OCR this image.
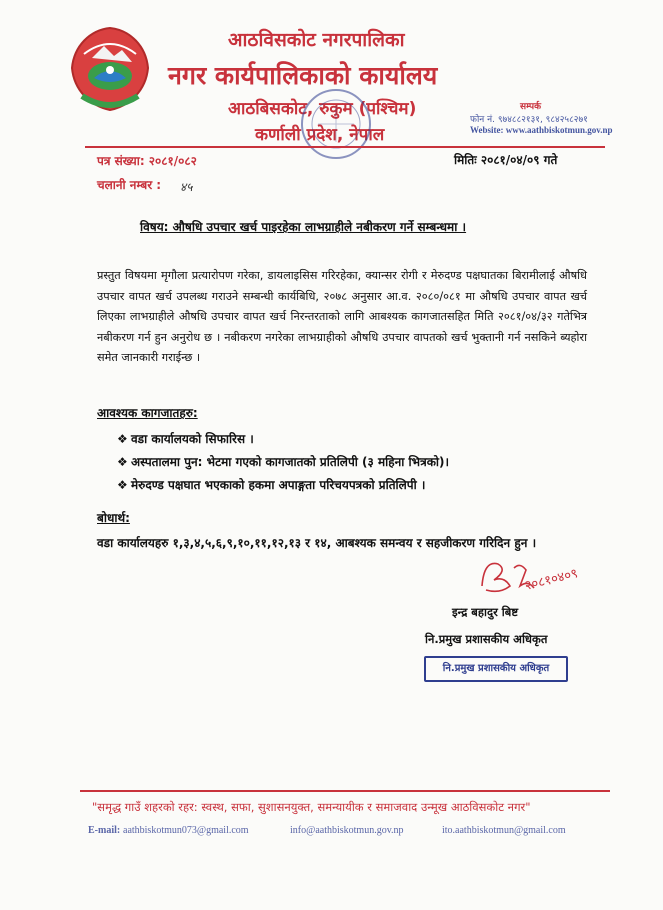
आठविसकोट नगरपालिका
नगर कार्यपालिकाको कार्यालय
आठबिसकोट, रुकुम (पश्चिम)
कर्णाली प्रदेश, नेपाल
सम्पर्क
फोन नं. ९७४८८२१३१, ९८४२५८२७१
Website: www.aathbiskotmun.gov.np
पत्र संख्या: २०८१/०८२	मितिः २०८१/०४/०९ गते
चलानी नम्बर : ४५
विषय: औषधि उपचार खर्च पाइरहेका लाभग्राहीले नबीकरण गर्ने सम्बन्धमा ।
प्रस्तुत विषयमा मृगौला प्रत्यारोपण गरेका, डायलाइसिस गरिरहेका, क्यान्सर रोगी र मेरुदण्ड पक्षघातका बिरामीलाई औषधि उपचार वापत खर्च उपलब्ध गराउने सम्बन्धी कार्यबिधि, २०७८ अनुसार आ.व. २०८०/०८१ मा औषधि उपचार वापत खर्च लिएका लाभग्राहीले औषधि उपचार वापत खर्च निरन्तरताको लागि आबश्यक कागजातसहित मिति २०८१/०४/३२ गतेभित्र नबीकरण गर्न हुन अनुरोध छ । नबीकरण नगरेका लाभग्राहीको औषधि उपचार वापतको खर्च भुक्तानी गर्न नसकिने ब्यहोरा समेत जानकारी गराईन्छ ।
आवश्यक कागजातहरु:
❖ वडा कार्यालयको सिफारिस ।
❖ अस्पतालमा पुन: भेटमा गएको कागजातको प्रतिलिपी (३ महिना भित्रको)।
❖ मेरुदण्ड पक्षघात भएकाको हकमा अपाङ्गता परिचयपत्रको प्रतिलिपी ।
बोधार्थ:
वडा कार्यालयहरु १,३,४,५,६,९,१०,११,१२,१३ र १४, आबश्यक समन्वय र सहजीकरण गरिदिन हुन ।
२०८१०४०९
इन्द्र बहादुर बिष्ट
नि.प्रमुख प्रशासकीय अधिकृत
नि.प्रमुख प्रशासकीय अधिकृत
"समृद्ध गाउँ शहरको रहर: स्वस्थ, सफा, सुशासनयुक्त, समन्यायीक र समाजवाद उन्मूख आठविसकोट नगर"
E-mail: aathbiskotmun073@gmail.com	info@aathbiskotmun.gov.np	ito.aathbiskotmun@gmail.com
